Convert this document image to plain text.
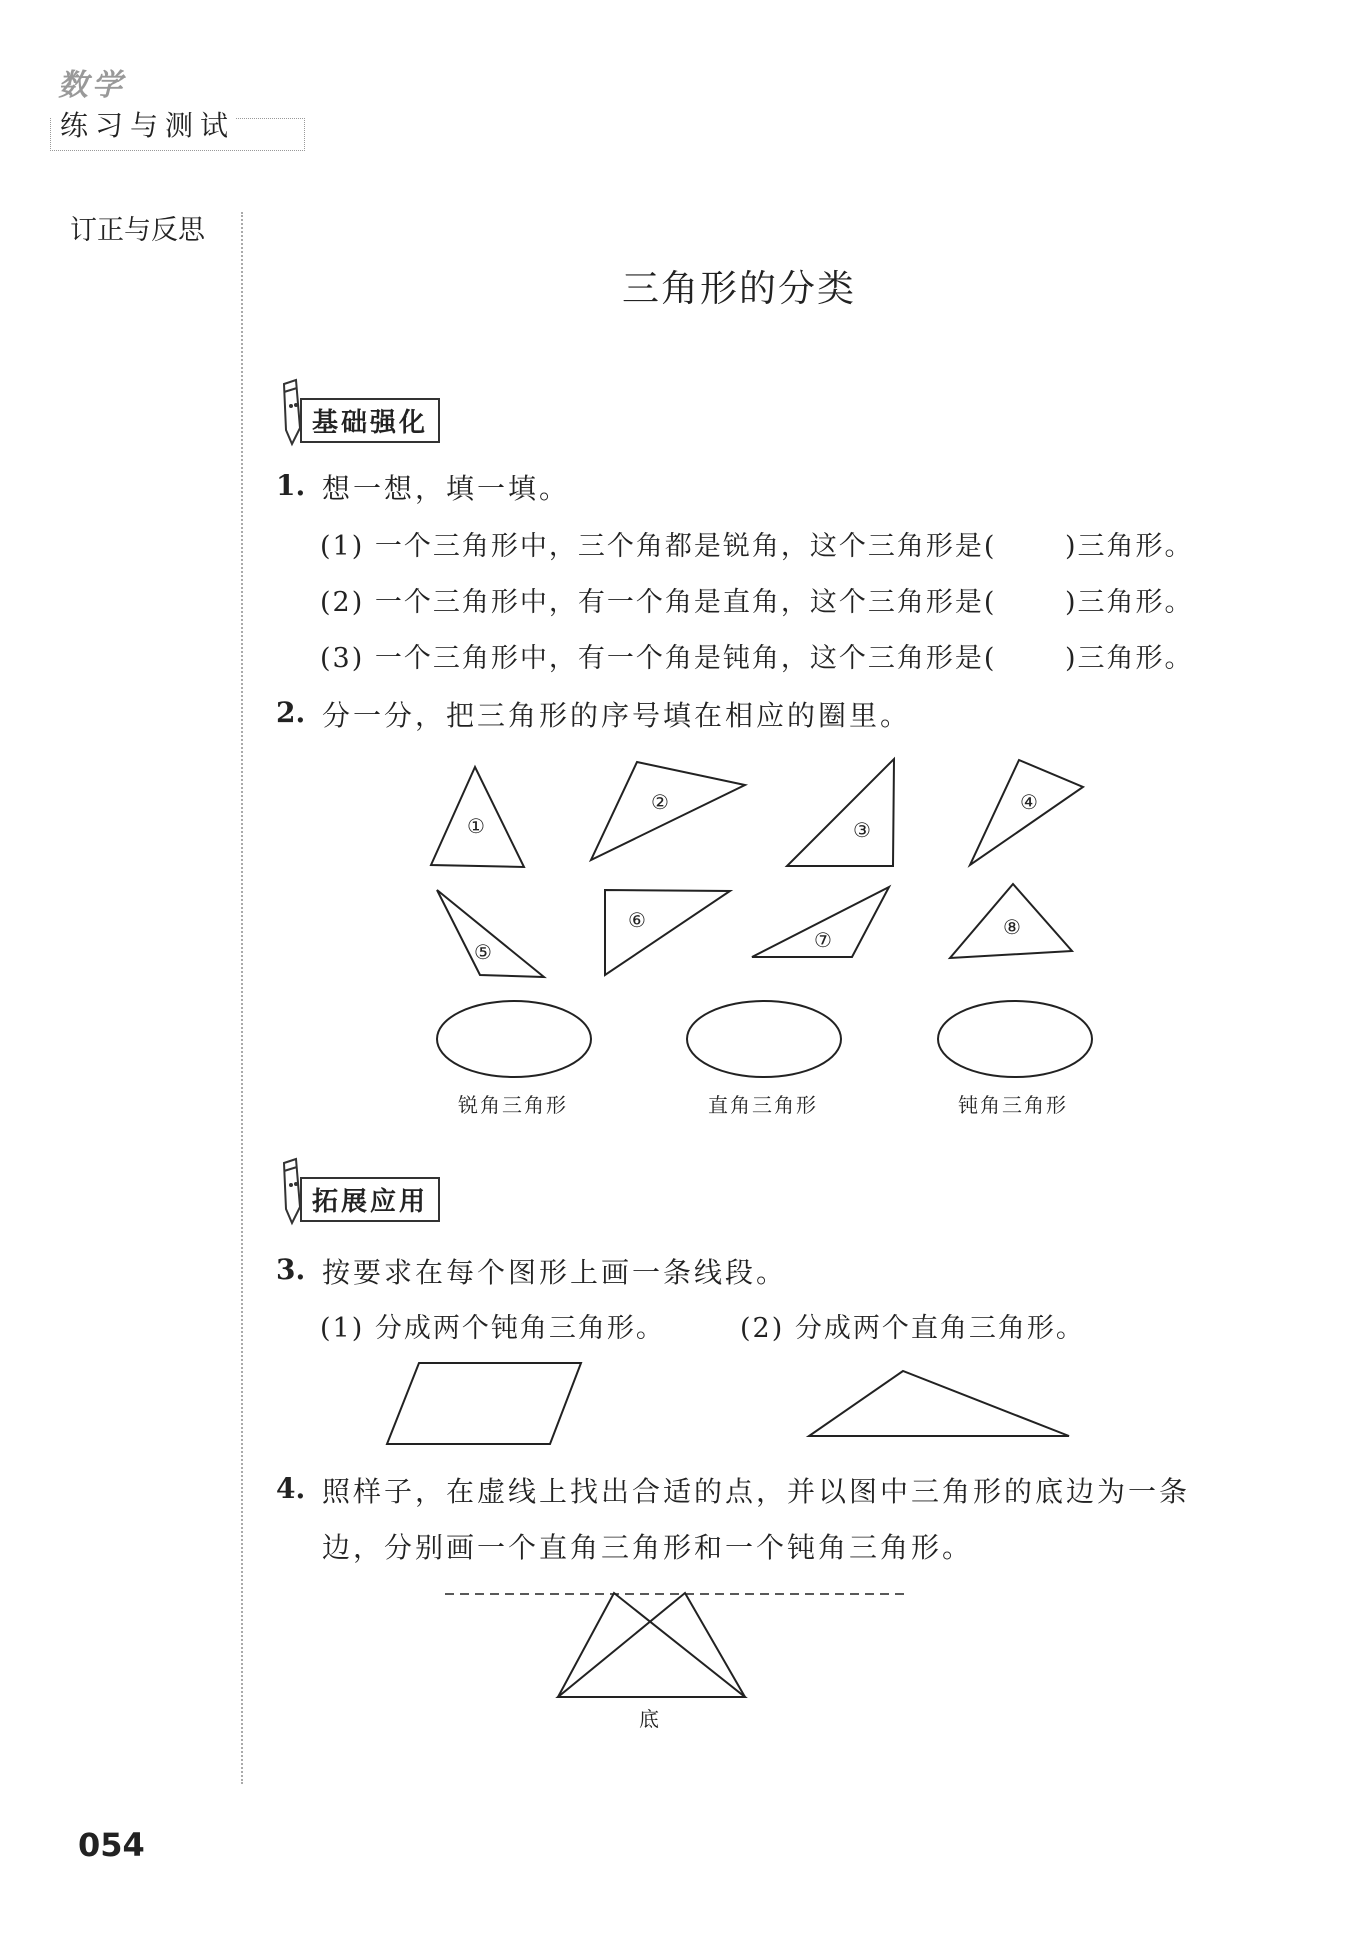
数学
练习与测试
订正与反思
三角形的分类
①
②
③
④
⑤
⑥
⑦
⑧
基础强化
拓展应用
1. 想一想，填一填。
(1) 一个三角形中，三个角都是锐角，这个三角形是(　　 )三角形。
(2) 一个三角形中，有一个角是直角，这个三角形是(　　 )三角形。
(3) 一个三角形中，有一个角是钝角，这个三角形是(　　 )三角形。
2. 分一分，把三角形的序号填在相应的圈里。
锐角三角形	直角三角形	钝角三角形
3. 按要求在每个图形上画一条线段。
(1) 分成两个钝角三角形。	(2) 分成两个直角三角形。
4. 照样子，在虚线上找出合适的点，并以图中三角形的底边为一条
边，分别画一个直角三角形和一个钝角三角形。
底
054
